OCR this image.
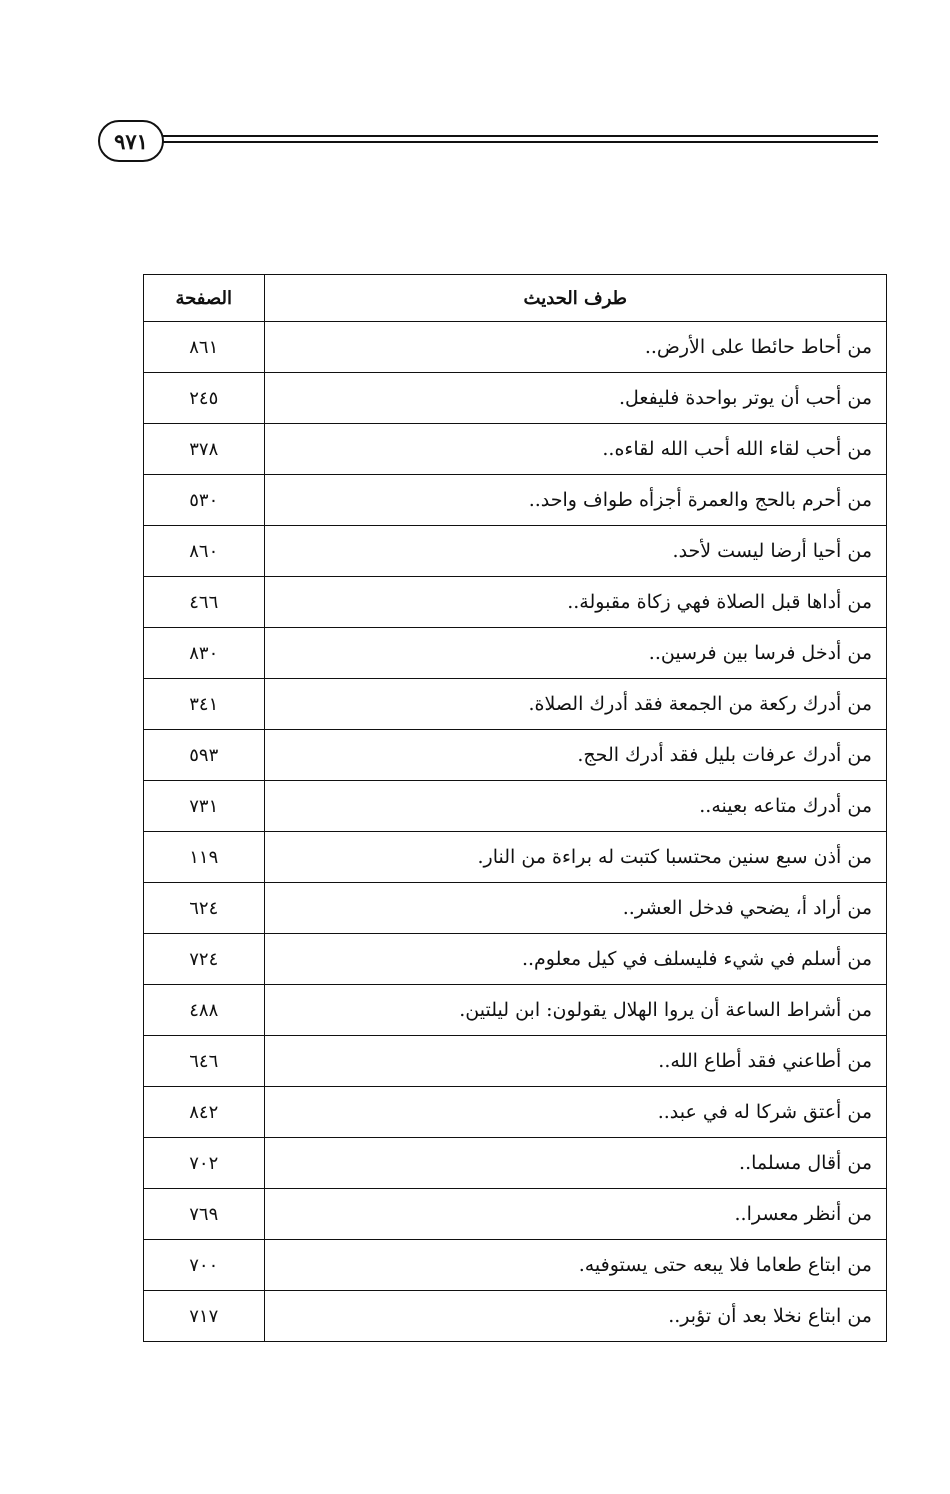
٩٧١
طرف الحديث	الصفحة
من أحاط حائطا على الأرض..	٨٦١
من أحب أن يوتر بواحدة فليفعل.	٢٤٥
من أحب لقاء الله أحب الله لقاءه..	٣٧٨
من أحرم بالحج والعمرة أجزأه طواف واحد..	٥٣٠
من أحيا أرضا ليست لأحد.	٨٦٠
من أداها قبل الصلاة فهي زكاة مقبولة..	٤٦٦
من أدخل فرسا بين فرسين..	٨٣٠
من أدرك ركعة من الجمعة فقد أدرك الصلاة.	٣٤١
من أدرك عرفات بليل فقد أدرك الحج.	٥٩٣
من أدرك متاعه بعينه..	٧٣١
من أذن سبع سنين محتسبا كتبت له براءة من النار.	١١٩
من أراد أ، يضحي فدخل العشر..	٦٢٤
من أسلم في شيء فليسلف في كيل معلوم..	٧٢٤
من أشراط الساعة أن يروا الهلال يقولون: ابن ليلتين.	٤٨٨
من أطاعني فقد أطاع الله..	٦٤٦
من أعتق شركا له في عبد..	٨٤٢
من أقال مسلما..	٧٠٢
من أنظر معسرا..	٧٦٩
من ابتاع طعاما فلا يبعه حتى يستوفيه.	٧٠٠
من ابتاع نخلا بعد أن تؤبر..	٧١٧
